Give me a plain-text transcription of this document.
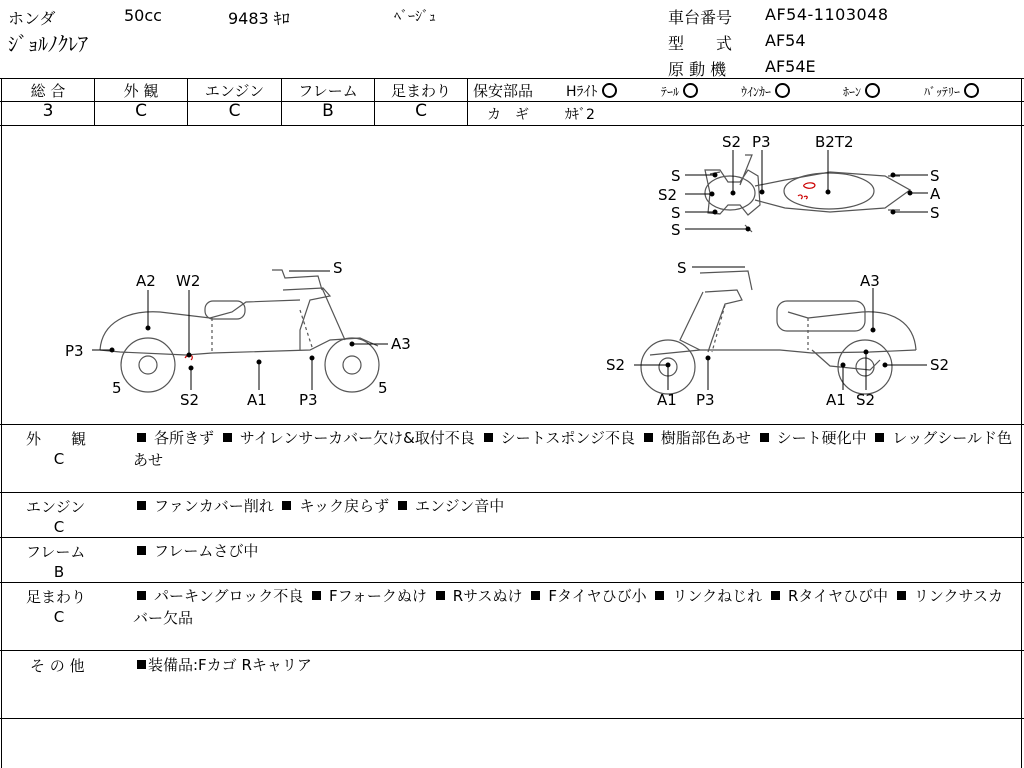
ホンダ	50cc	9483 ｷﾛ	ﾍﾞｰｼﾞｭ
ｼﾞｮﾙﾉｸﾚｱ
車台番号 AF54-1103048
型　　式 AF54
原 動 機 AF54E
総 合	外 観	エンジン	フレーム	足まわり
3	C	C	B	C
保安部品 Hﾗｲﾄ	ﾃｰﾙ	ｳｲﾝｶｰ	ﾎｰﾝ	ﾊﾞｯﾃﾘｰ
カ　ギ	ｶｷﾞ2
S
A2 W2
P3	A3
5	5
S2	A1 P3
S2 P3	B2T2
S
S2
S
S
S
A
S
S
A3
S2	S2
A1 P3	A1 S2
外　　観
C
各所きず サイレンサーカバー欠け&取付不良 シートスポンジ不良 樹脂部色あせ シート硬化中 レッグシールド色あせ
エンジン
C
ファンカバー削れ キック戻らず エンジン音中
フレーム
B
フレームさび中
足まわり
C
パーキングロック不良 Fフォークぬけ Rサスぬけ Fタイヤひび小 リンクねじれ Rタイヤひび中 リンクサスカバー欠品
そ の 他	装備品:Fカゴ Rキャリア
